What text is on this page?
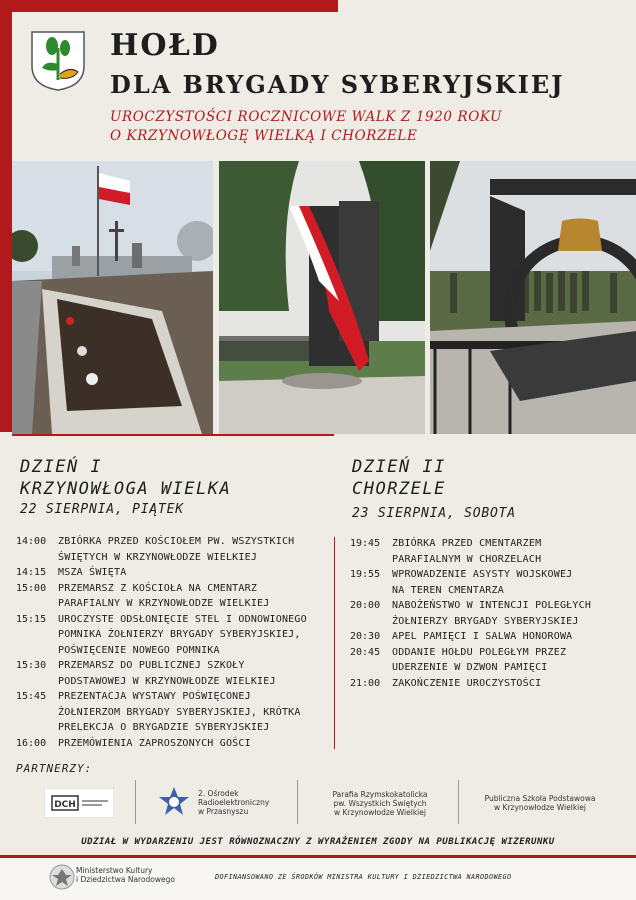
HOŁD
DLA BRYGADY SYBERYJSKIEJ
UROCZYSTOŚCI ROCZNICOWE WALK Z 1920 ROKU
O KRZYNOWŁOGĘ WIELKĄ I CHORZELE
DZIEŃ I
KRZYNOWŁOGA WIELKA
22 SIERPNIA, PIĄTEK
DZIEŃ II
CHORZELE
23 SIERPNIA, SOBOTA
14:00	ZBIÓRKA PRZED KOŚCIOŁEM PW. WSZYSTKICH
ŚWIĘTYCH W KRZYNOWŁODZE WIELKIEJ
14:15	MSZA ŚWIĘTA
15:00	PRZEMARSZ Z KOŚCIOŁA NA CMENTARZ
PARAFIALNY W KRZYNOWŁODZE WIELKIEJ
15:15	UROCZYSTE ODSŁONIĘCIE STEL I ODNOWIONEGO
POMNIKA ŻOŁNIERZY BRYGADY SYBERYJSKIEJ,
POŚWIĘCENIE NOWEGO POMNIKA
15:30	PRZEMARSZ DO PUBLICZNEJ SZKOŁY
PODSTAWOWEJ W KRZYNOWŁODZE WIELKIEJ
15:45	PREZENTACJA WYSTAWY POŚWIĘCONEJ
ŻOŁNIERZOM BRYGADY SYBERYJSKIEJ, KRÓTKA
PRELEKCJA O BRYGADZIE SYBERYJSKIEJ
16:00	PRZEMÓWIENIA ZAPROSZONYCH GOŚCI
19:45	ZBIÓRKA PRZED CMENTARZEM
PARAFIALNYM W CHORZELACH
19:55	WPROWADZENIE ASYSTY WOJSKOWEJ
NA TEREN CMENTARZA
20:00	NABOŻEŃSTWO W INTENCJI POLEGŁYCH
ŻOŁNIERZY BRYGADY SYBERYJSKIEJ
20:30	APEL PAMIĘCI I SALWA HONOROWA
20:45	ODDANIE HOŁDU POLEGŁYM PRZEZ
UDERZENIE W DZWON PAMIĘCI
21:00	ZAKOŃCZENIE UROCZYSTOŚCI
PARTNERZY:
DCH
2. Ośrodek
Radioelektroniczny
w Przasnyszu
Parafia Rzymskokatolicka
pw. Wszystkich Świętych
w Krzynowłodze Wielkiej
Publiczna Szkoła Podstawowa
w Krzynowłodze Wielkiej
UDZIAŁ W WYDARZENIU JEST RÓWNOZNACZNY Z WYRAŻENIEM ZGODY NA PUBLIKACJĘ WIZERUNKU
Ministerstwo Kultury
i Dziedzictwa Narodowego	DOFINANSOWANO ZE ŚRODKÓW MINISTRA KULTURY I DZIEDZICTWA NARODOWEGO
